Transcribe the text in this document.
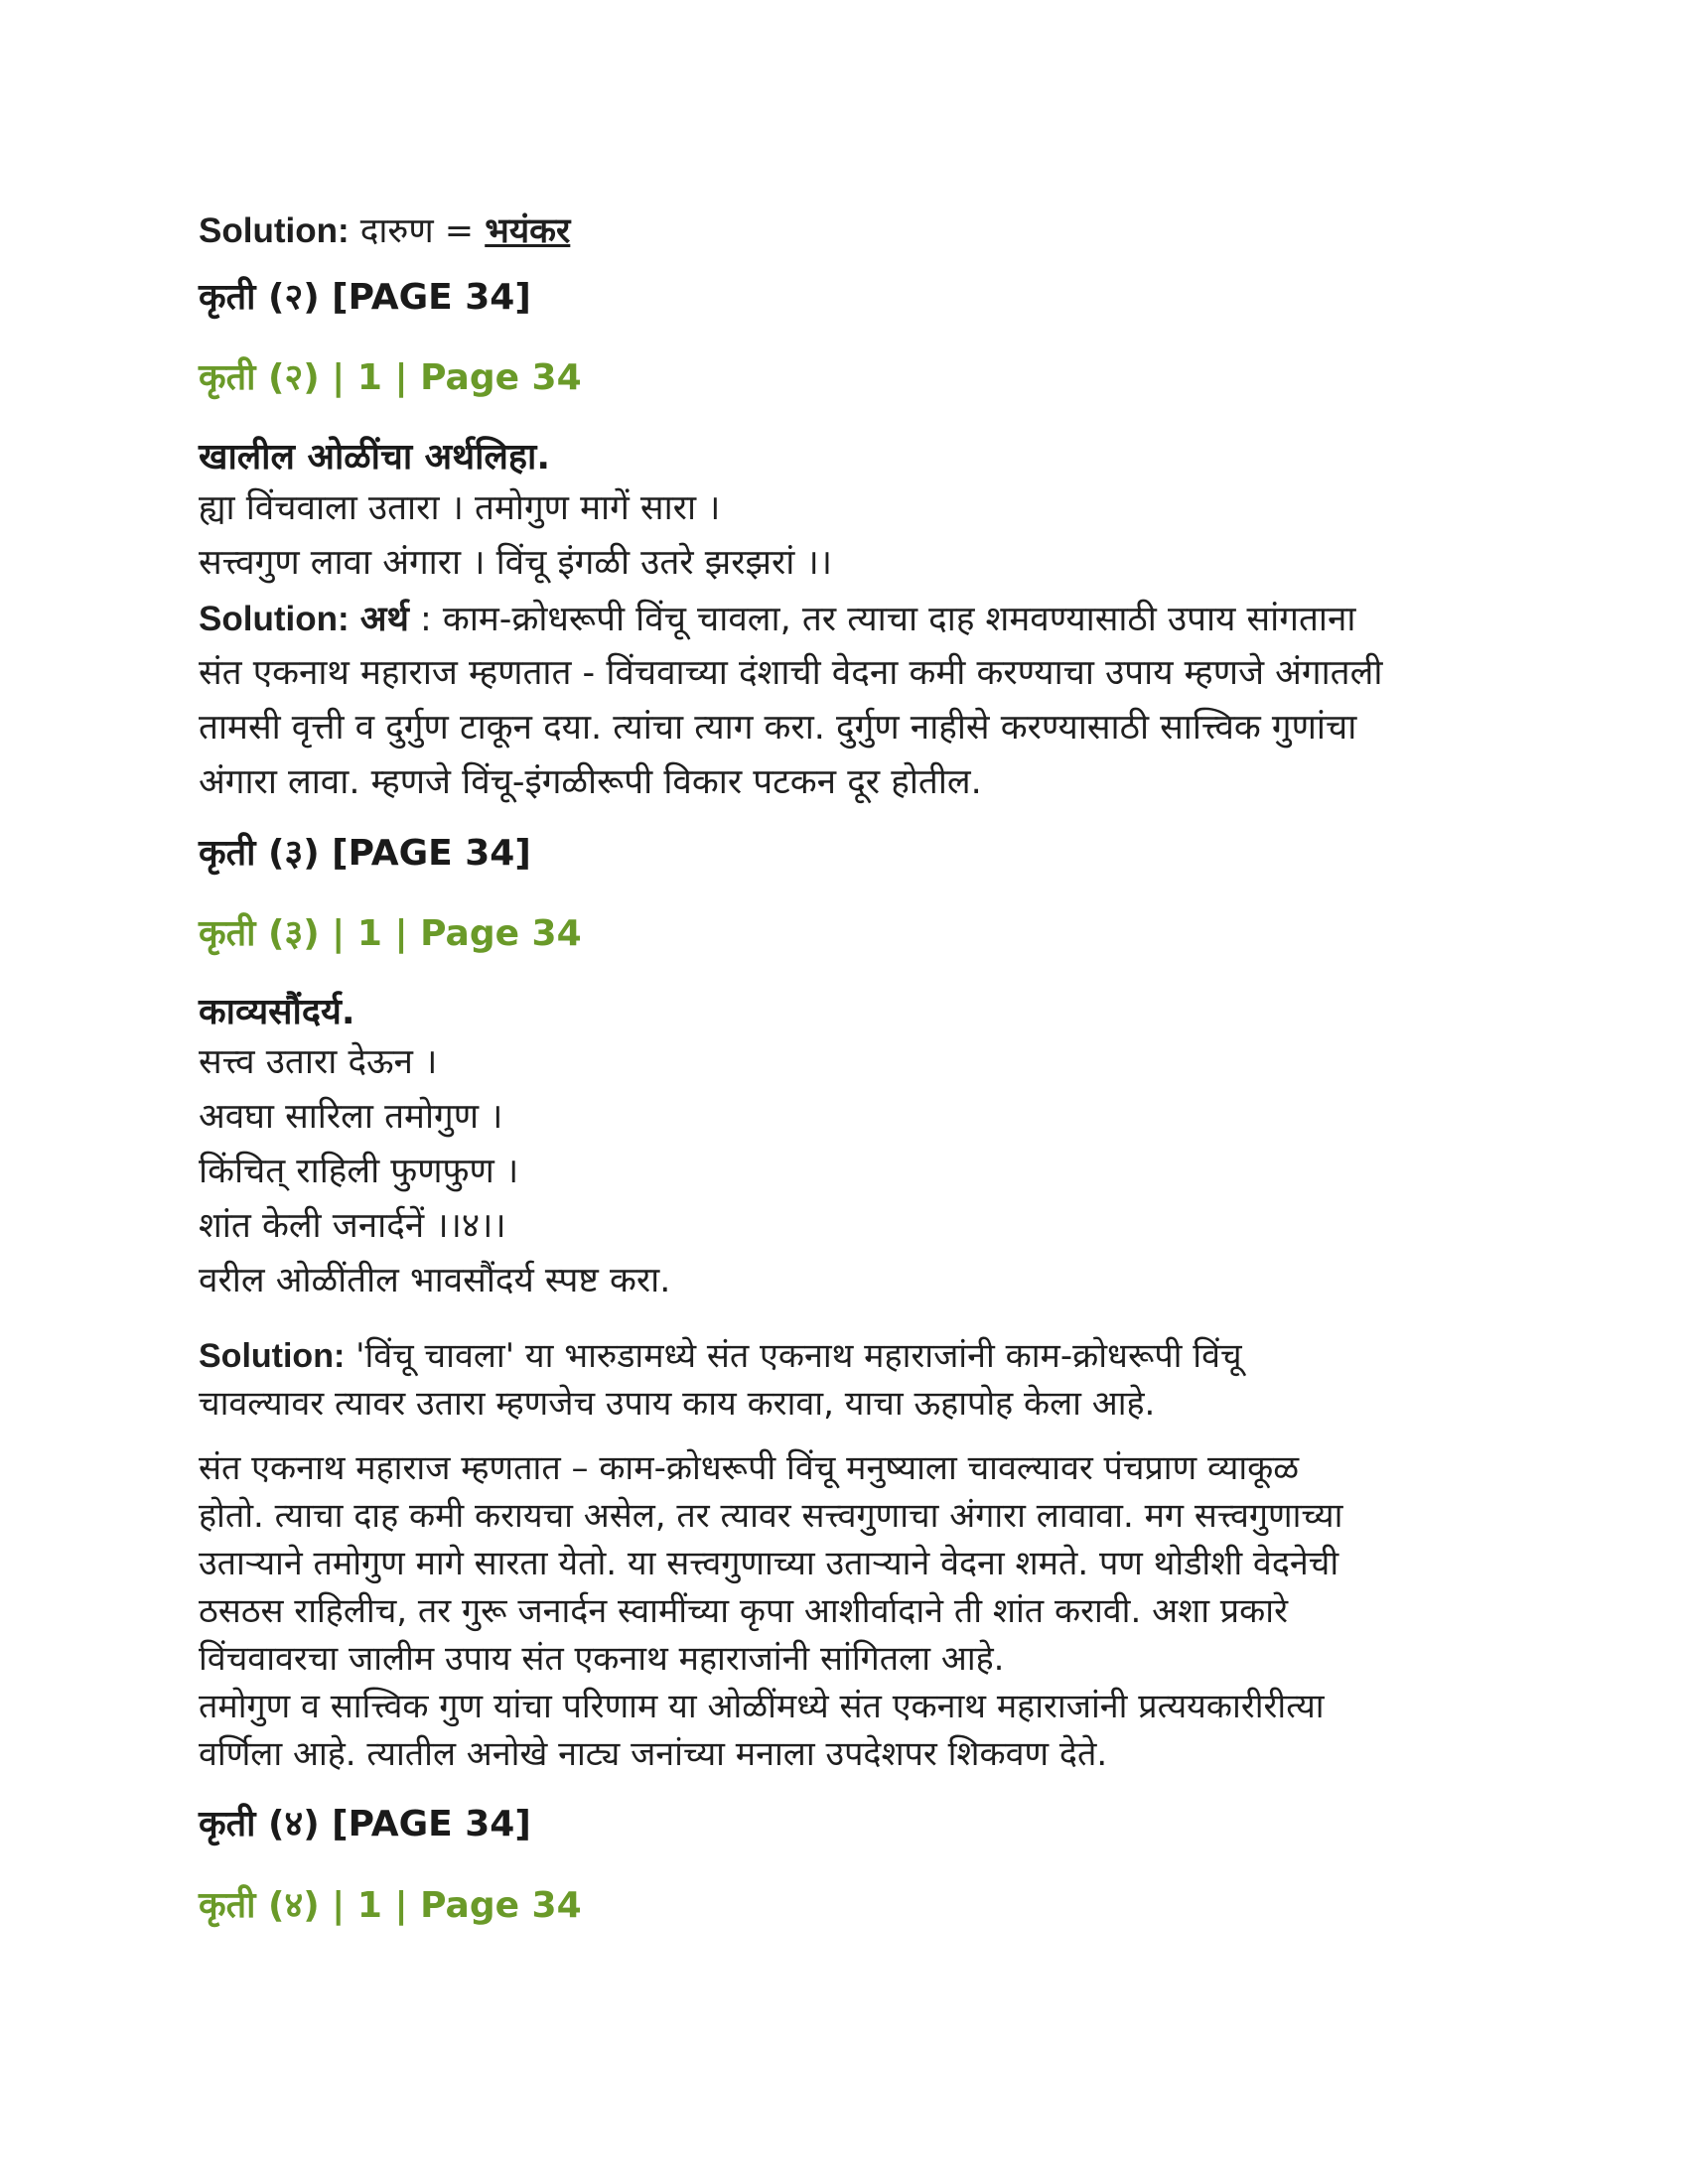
Solution: दारुण = भयंकर
कृती (२) [PAGE 34]
कृती (२) | 1 | Page 34
खालील ओळींचा अर्थलिहा.
ह्या विंचवाला उतारा । तमोगुण मागें सारा ।
सत्त्वगुण लावा अंगारा । विंचू इंगळी उतरे झरझरां ।।
Solution: अर्थ : काम-क्रोधरूपी विंचू चावला, तर त्याचा दाह शमवण्यासाठी उपाय सांगताना
संत एकनाथ महाराज म्हणतात - विंचवाच्या दंशाची वेदना कमी करण्याचा उपाय म्हणजे अंगातली
तामसी वृत्ती व दुर्गुण टाकून दया. त्यांचा त्याग करा. दुर्गुण नाहीसे करण्यासाठी सात्त्विक गुणांचा
अंगारा लावा. म्हणजे विंचू-इंगळीरूपी विकार पटकन दूर होतील.
कृती (३) [PAGE 34]
कृती (३) | 1 | Page 34
काव्यसौंदर्य.
सत्त्व उतारा देऊन ।
अवघा सारिला तमोगुण ।
किंचित् राहिली फुणफुण ।
शांत केली जनार्दनें ।।४।।
वरील ओळींतील भावसौंदर्य स्पष्ट करा.
Solution: 'विंचू चावला' या भारुडामध्ये संत एकनाथ महाराजांनी काम-क्रोधरूपी विंचू
चावल्यावर त्यावर उतारा म्हणजेच उपाय काय करावा, याचा ऊहापोह केला आहे.
संत एकनाथ महाराज म्हणतात – काम-क्रोधरूपी विंचू मनुष्याला चावल्यावर पंचप्राण व्याकूळ
होतो. त्याचा दाह कमी करायचा असेल, तर त्यावर सत्त्वगुणाचा अंगारा लावावा. मग सत्त्वगुणाच्या
उताऱ्याने तमोगुण मागे सारता येतो. या सत्त्वगुणाच्या उताऱ्याने वेदना शमते. पण थोडीशी वेदनेची
ठसठस राहिलीच, तर गुरू जनार्दन स्वामींच्या कृपा आशीर्वादाने ती शांत करावी. अशा प्रकारे
विंचवावरचा जालीम उपाय संत एकनाथ महाराजांनी सांगितला आहे.
तमोगुण व सात्त्विक गुण यांचा परिणाम या ओळींमध्ये संत एकनाथ महाराजांनी प्रत्ययकारीरीत्या
वर्णिला आहे. त्यातील अनोखे नाट्य जनांच्या मनाला उपदेशपर शिकवण देते.
कृती (४) [PAGE 34]
कृती (४) | 1 | Page 34
